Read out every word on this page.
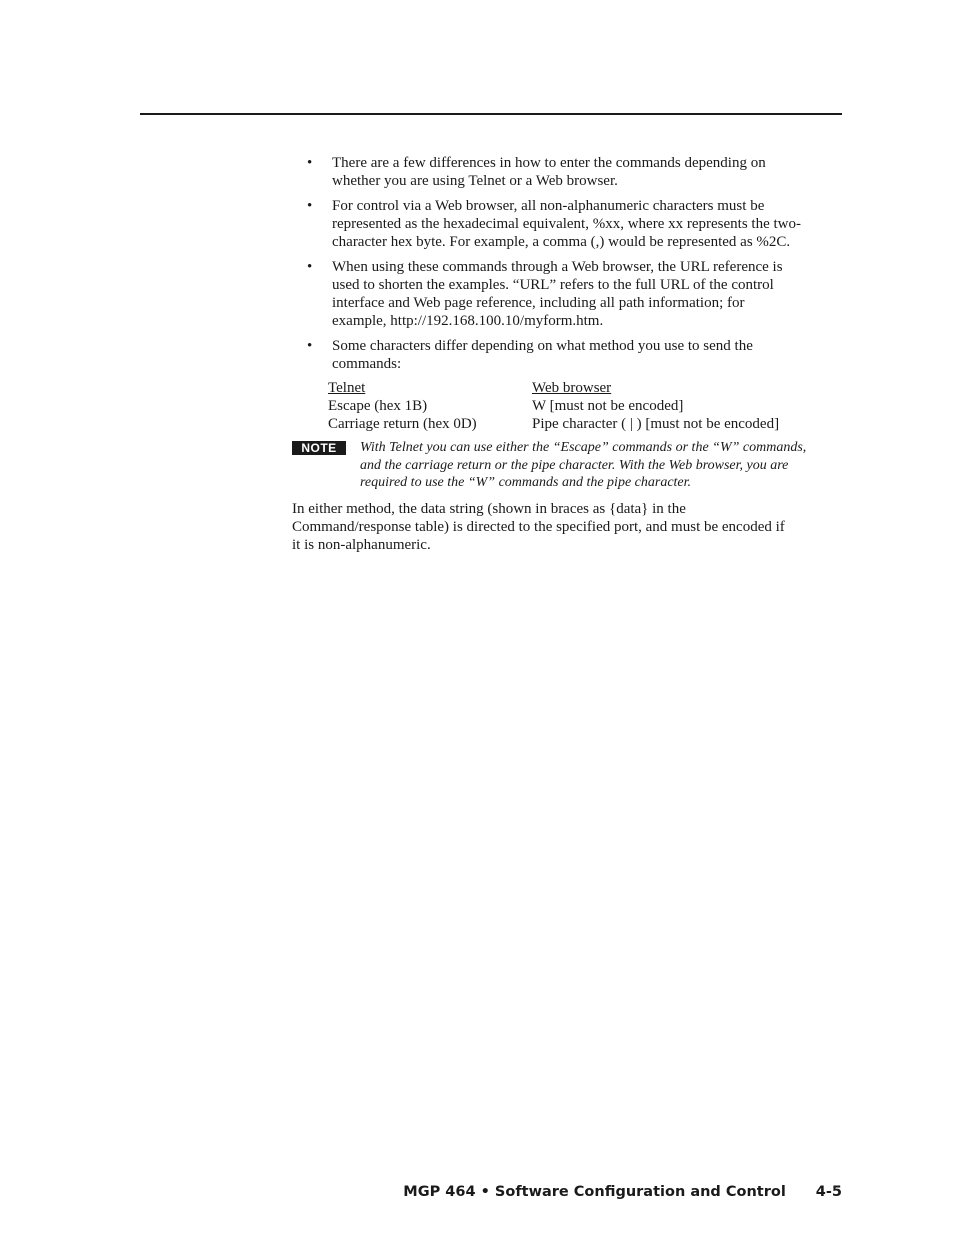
• There are a few differences in how to enter the commands depending on
whether you are using Telnet or a Web browser.
• For control via a Web browser, all non-alphanumeric characters must be
represented as the hexadecimal equivalent, %xx, where xx represents the two-
character hex byte. For example, a comma (,) would be represented as %2C.
• When using these commands through a Web browser, the URL reference is
used to shorten the examples. “URL” refers to the full URL of the control
interface and Web page reference, including all path information; for
example, http://192.168.100.10/myform.htm.
• Some characters differ depending on what method you use to send the
commands:
Telnet	Web browser
Escape (hex 1B)	W [must not be encoded]
Carriage return (hex 0D)	Pipe character ( | ) [must not be encoded]
NOTE	With Telnet you can use either the “Escape” commands or the “W” commands,
and the carriage return or the pipe character. With the Web browser, you are
required to use the “W” commands and the pipe character.

In either method, the data string (shown in braces as {data} in the
Command/response table) is directed to the specified port, and must be encoded if
it is non-alphanumeric.

MGP 464 • Software Configuration and Control 4-5
